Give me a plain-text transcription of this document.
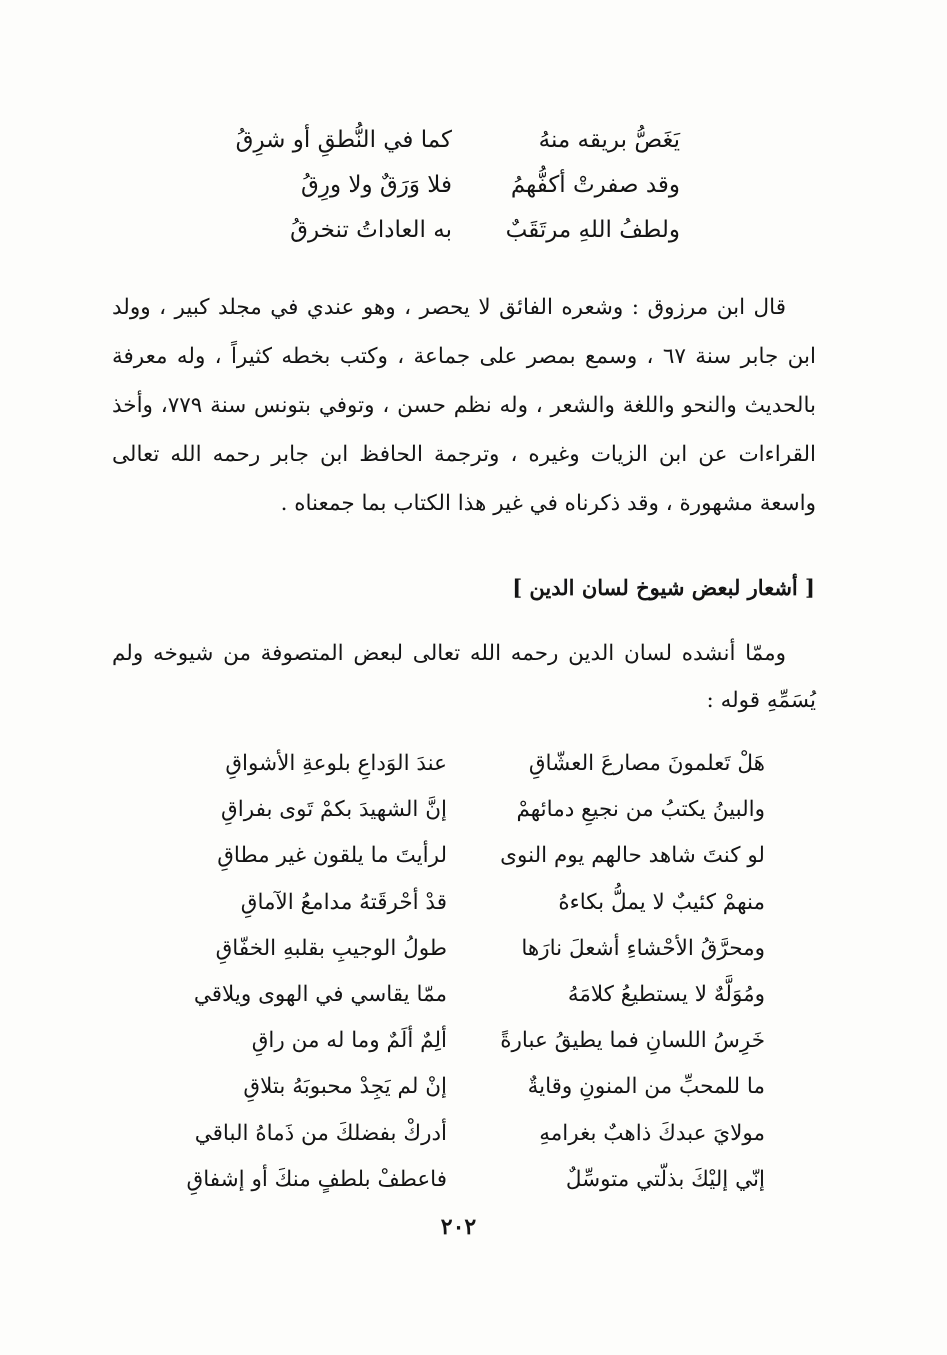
يَغَصُّ بريقه منهُ
كما في النُّطقِ أو شرِقُ
وقد صفرتْ أكفُّهمُ
فلا وَرَقٌ ولا ورِقُ
ولطفُ اللهِ مرتَقَبٌ
به العاداتُ تنخرقُ

قال ابن مرزوق : وشعره الفائق لا يحصر ، وهو عندي في مجلد كبير ، وولد ابن جابر سنة ٦٧ ، وسمع بمصر على جماعة ، وكتب بخطه كثيراً ، وله معرفة بالحديث والنحو واللغة والشعر ، وله نظم حسن ، وتوفي بتونس سنة ٧٧٩، وأخذ القراءات عن ابن الزيات وغيره ، وترجمة الحافظ ابن جابر رحمه الله تعالى واسعة مشهورة ، وقد ذكرناه في غير هذا الكتاب بما جمعناه .

[ أشعار لبعض شيوخ لسان الدين ]

وممّا أنشده لسان الدين رحمه الله تعالى لبعض المتصوفة من شيوخه ولم يُسَمِّهِ قوله :

هَلْ تَعلمونَ مصارعَ العشّاقِ
عندَ الوَداعِ بلوعةِ الأشواقِ
والبينُ يكتبُ من نجيعِ دمائهمْ
إنَّ الشهيدَ بكمْ تَوى بفراقِ
لو كنتَ شاهد حالهم يوم النوى
لرأيتَ ما يلقون غير مطاقِ
منهمْ كئيبٌ لا يملُّ بكاءهُ
قدْ أحْرقَتهُ مدامعُ الآماقِ
ومحرَّقُ الأحْشاءِ أشعلَ نارَها
طولُ الوجيبِ بقلبهِ الخفّاقِ
ومُوَلَّهٌ لا يستطيعُ كلامَهُ
ممّا يقاسي في الهوى ويلاقي
خَرِسُ اللسانِ فما يطيقُ عبارةً
ألِمٌ ألَمٌ وما له من راقِ
ما للمحبِّ من المنونِ وقايةٌ
إنْ لم يَجِدْ محبوبَهُ بتلاقِ
مولايَ عبدكَ ذاهبٌ بغرامهِ
أدركْ بفضلكَ من ذَماهُ الباقي
إنّي إليْكَ بذلّتي متوسِّلٌ
فاعطفْ بلطفٍ منكَ أو إشفاقِ
٢٠٢
